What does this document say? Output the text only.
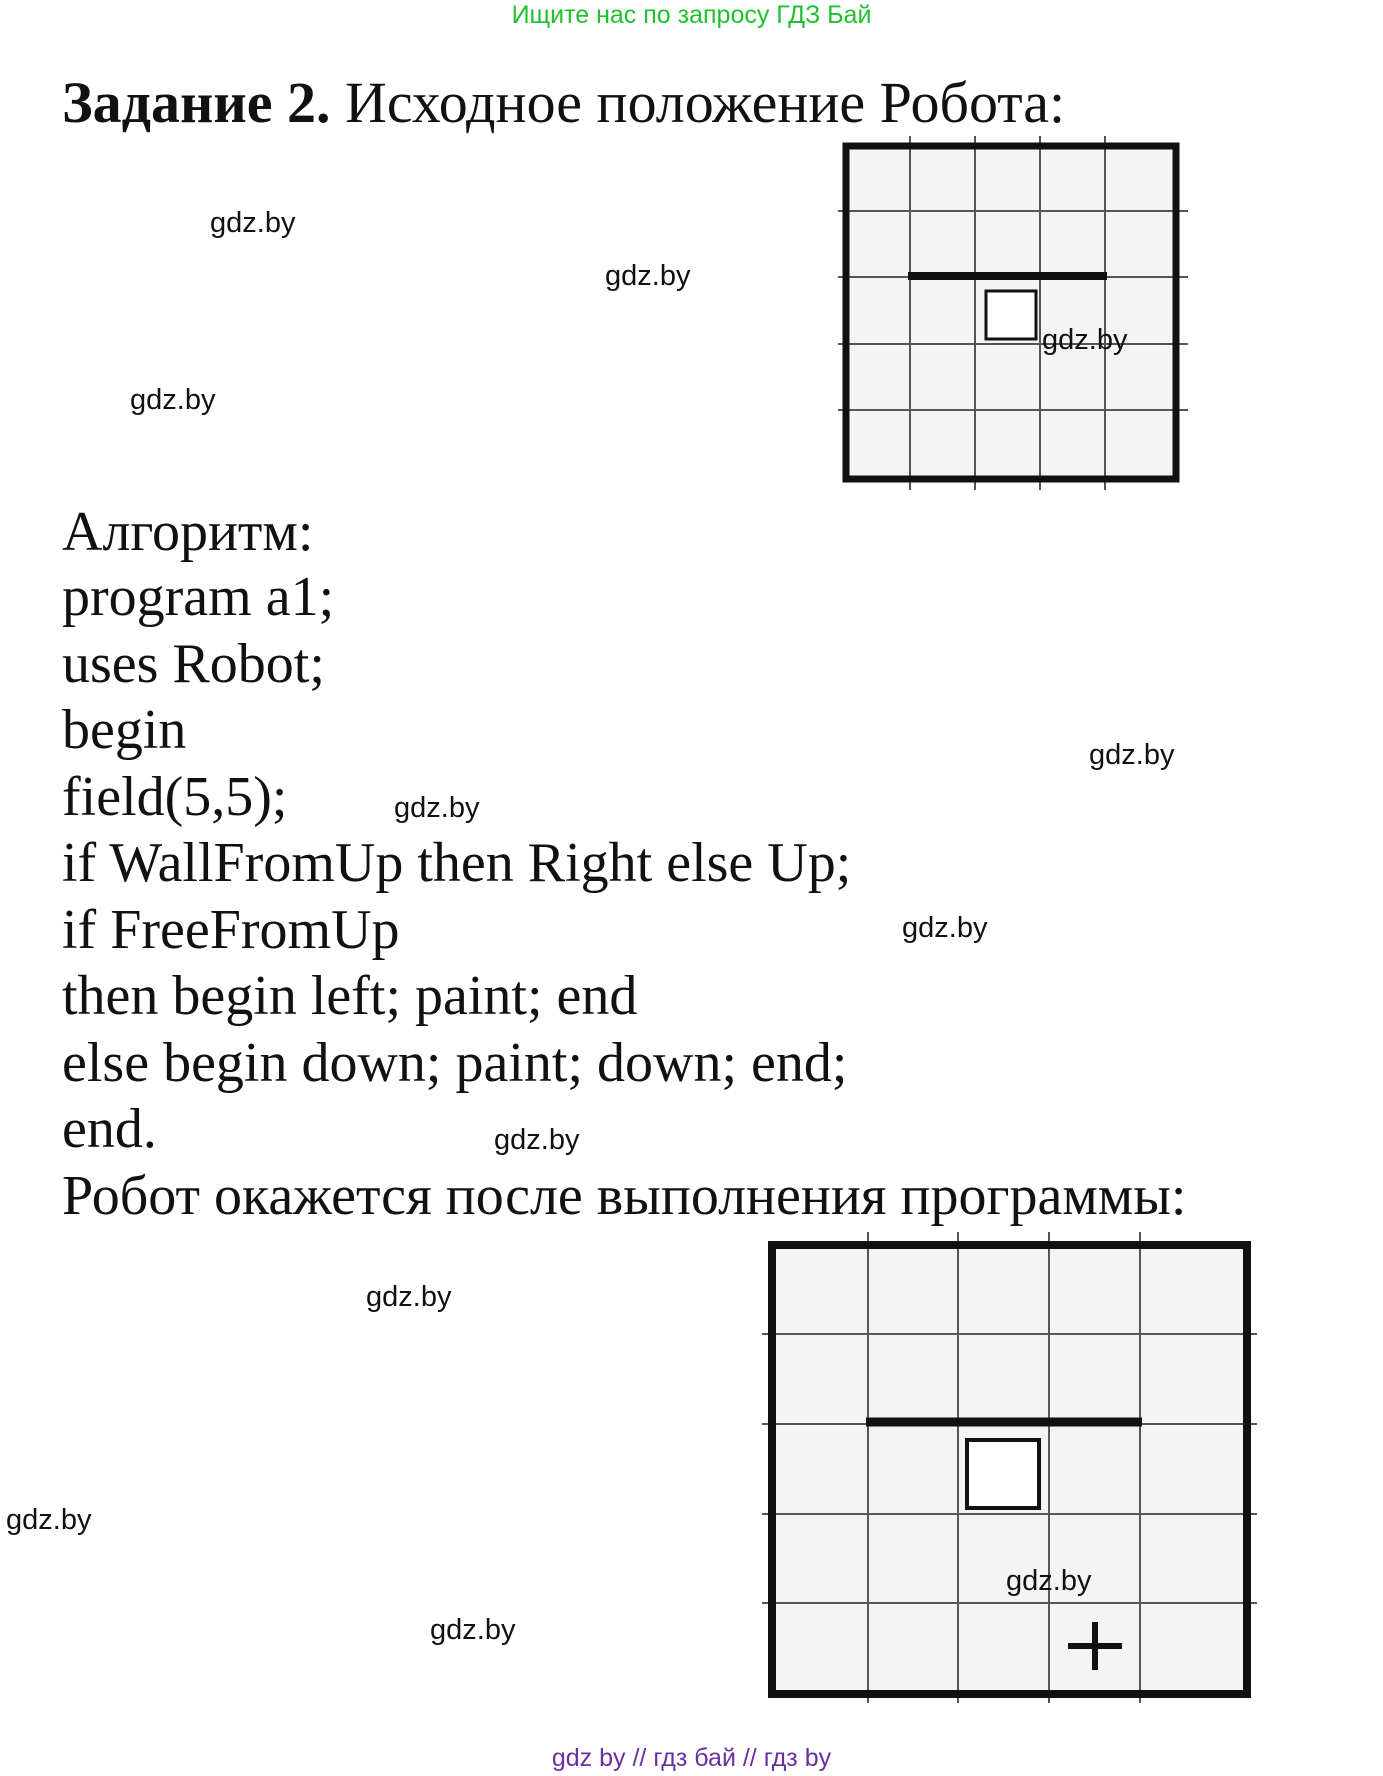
Ищите нас по запросу ГДЗ Бай
Задание 2. Исходное положение Робота:
Алгоритм:
program a1;
uses Robot;
begin
field(5,5);
if WallFromUp then Right else Up;
if FreeFromUp
then begin left; paint; end
else begin down; paint; down; end;
end.
Робот окажется после выполнения программы:
gdz.by
gdz.by
gdz.by
gdz.by
gdz.by
gdz.by
gdz.by
gdz.by
gdz.by
gdz.by
gdz.by
gdz.by
gdz by // гдз бай // гдз by
